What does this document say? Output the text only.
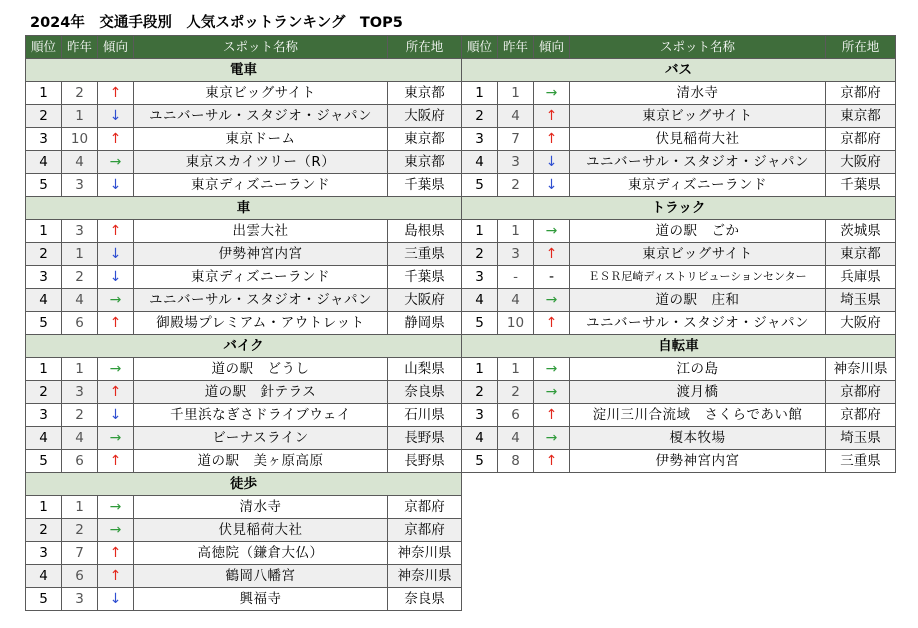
2024年　交通手段別　人気スポットランキング　TOP5
順位	昨年	傾向	スポット名称	所在地
電車				
1	2	↑	東京ビッグサイト	東京都
2	1	↓	ユニバーサル・スタジオ・ジャパン	大阪府
3	10	↑	東京ドーム	東京都
4	4	→	東京スカイツリー（R）	東京都
5	3	↓	東京ディズニーランド	千葉県
車				
1	3	↑	出雲大社	島根県
2	1	↓	伊勢神宮内宮	三重県
3	2	↓	東京ディズニーランド	千葉県
4	4	→	ユニバーサル・スタジオ・ジャパン	大阪府
5	6	↑	御殿場プレミアム・アウトレット	静岡県
バイク				
1	1	→	道の駅　どうし	山梨県
2	3	↑	道の駅　針テラス	奈良県
3	2	↓	千里浜なぎさドライブウェイ	石川県
4	4	→	ビーナスライン	長野県
5	6	↑	道の駅　美ヶ原高原	長野県
徒歩				
1	1	→	清水寺	京都府
2	2	→	伏見稲荷大社	京都府
3	7	↑	高徳院（鎌倉大仏）	神奈川県
4	6	↑	鶴岡八幡宮	神奈川県
5	3	↓	興福寺	奈良県
順位	昨年	傾向	スポット名称	所在地
バス				
1	1	→	清水寺	京都府
2	4	↑	東京ビッグサイト	東京都
3	7	↑	伏見稲荷大社	京都府
4	3	↓	ユニバーサル・スタジオ・ジャパン	大阪府
5	2	↓	東京ディズニーランド	千葉県
トラック				
1	1	→	道の駅　ごか	茨城県
2	3	↑	東京ビッグサイト	東京都
3	-	-	ＥＳＲ尼崎ディストリビューションセンター	兵庫県
4	4	→	道の駅　庄和	埼玉県
5	10	↑	ユニバーサル・スタジオ・ジャパン	大阪府
自転車				
1	1	→	江の島	神奈川県
2	2	→	渡月橋	京都府
3	6	↑	淀川三川合流域　さくらであい館	京都府
4	4	→	榎本牧場	埼玉県
5	8	↑	伊勢神宮内宮	三重県
